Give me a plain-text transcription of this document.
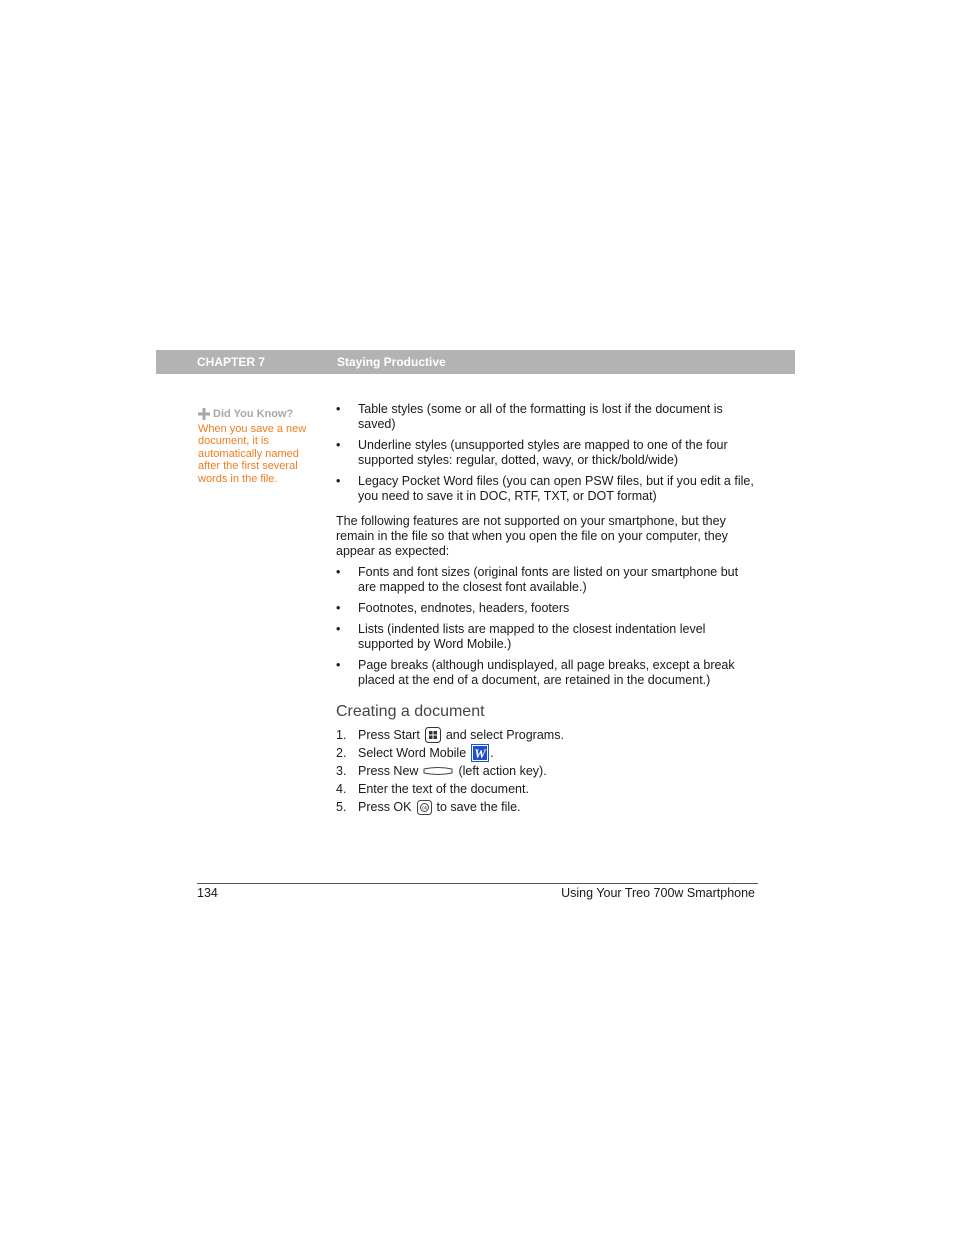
CHAPTER 7	Staying Productive
Did You Know?
When you save a new document, it is automatically named after the first several words in the file.
• Table styles (some or all of the formatting is lost if the document is saved)
• Underline styles (unsupported styles are mapped to one of the four supported styles: regular, dotted, wavy, or thick/bold/wide)
• Legacy Pocket Word files (you can open PSW files, but if you edit a file, you need to save it in DOC, RTF, TXT, or DOT format)
The following features are not supported on your smartphone, but they remain in the file so that when you open the file on your computer, they appear as expected:
• Fonts and font sizes (original fonts are listed on your smartphone but are mapped to the closest font available.)
• Footnotes, endnotes, headers, footers
• Lists (indented lists are mapped to the closest indentation level supported by Word Mobile.)
• Page breaks (although undisplayed, all page breaks, except a break placed at the end of a document, are retained in the document.)
Creating a document
1. Press Start and select Programs.
2. Select Word Mobile W .
3. Press New	(left action key).
4. Enter the text of the document.
5. Press OK ok to save the file.
134	Using Your Treo 700w Smartphone
